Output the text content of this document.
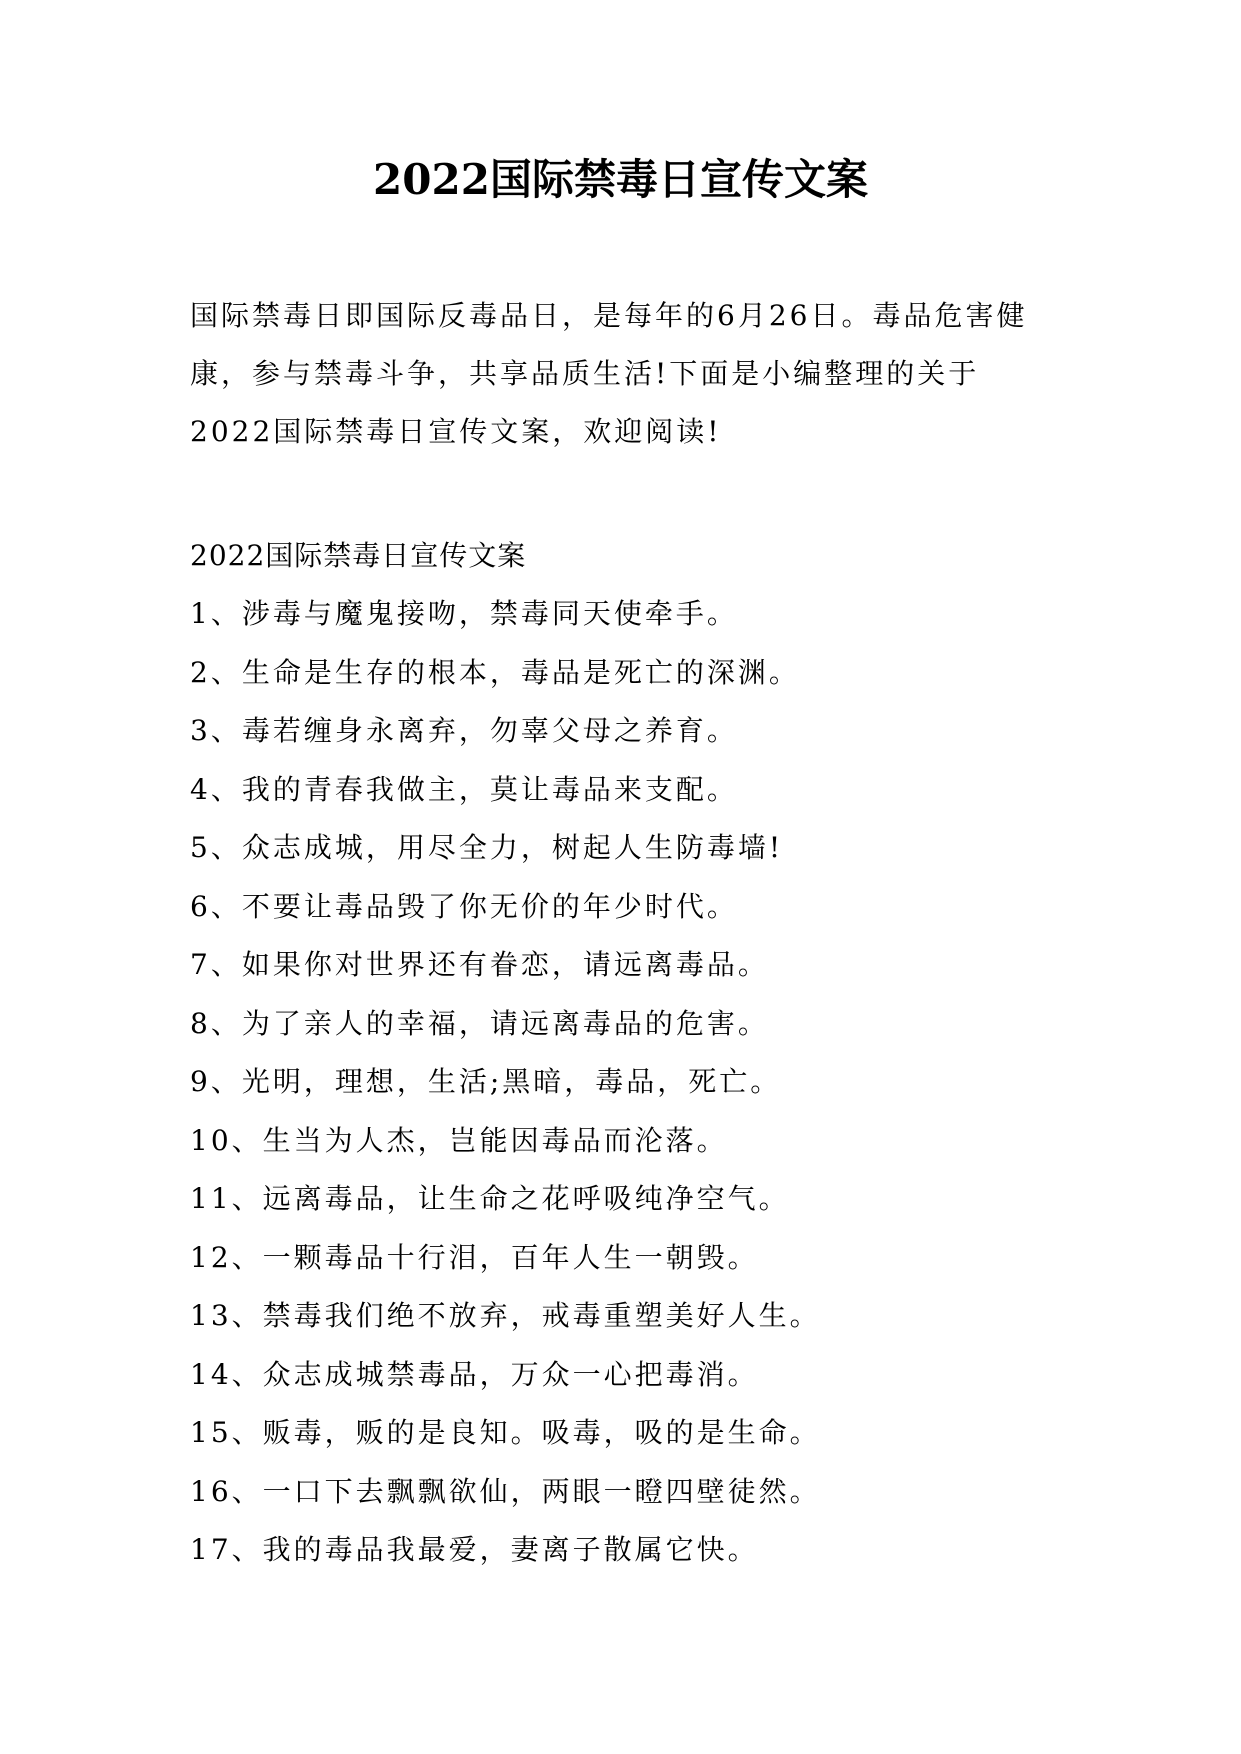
2022国际禁毒日宣传文案

国际禁毒日即国际反毒品日，是每年的6月26日。毒品危害健康，参与禁毒斗争，共享品质生活!下面是小编整理的关于2022国际禁毒日宣传文案，欢迎阅读!

2022国际禁毒日宣传文案

1、涉毒与魔鬼接吻，禁毒同天使牵手。
2、生命是生存的根本，毒品是死亡的深渊。
3、毒若缠身永离弃，勿辜父母之养育。
4、我的青春我做主，莫让毒品来支配。
5、众志成城，用尽全力，树起人生防毒墙!
6、不要让毒品毁了你无价的年少时代。
7、如果你对世界还有眷恋，请远离毒品。
8、为了亲人的幸福，请远离毒品的危害。
9、光明，理想，生活;黑暗，毒品，死亡。
10、生当为人杰，岂能因毒品而沦落。
11、远离毒品，让生命之花呼吸纯净空气。
12、一颗毒品十行泪，百年人生一朝毁。
13、禁毒我们绝不放弃，戒毒重塑美好人生。
14、众志成城禁毒品，万众一心把毒消。
15、贩毒，贩的是良知。吸毒，吸的是生命。
16、一口下去飘飘欲仙，两眼一瞪四壁徒然。
17、我的毒品我最爱，妻离子散属它快。
